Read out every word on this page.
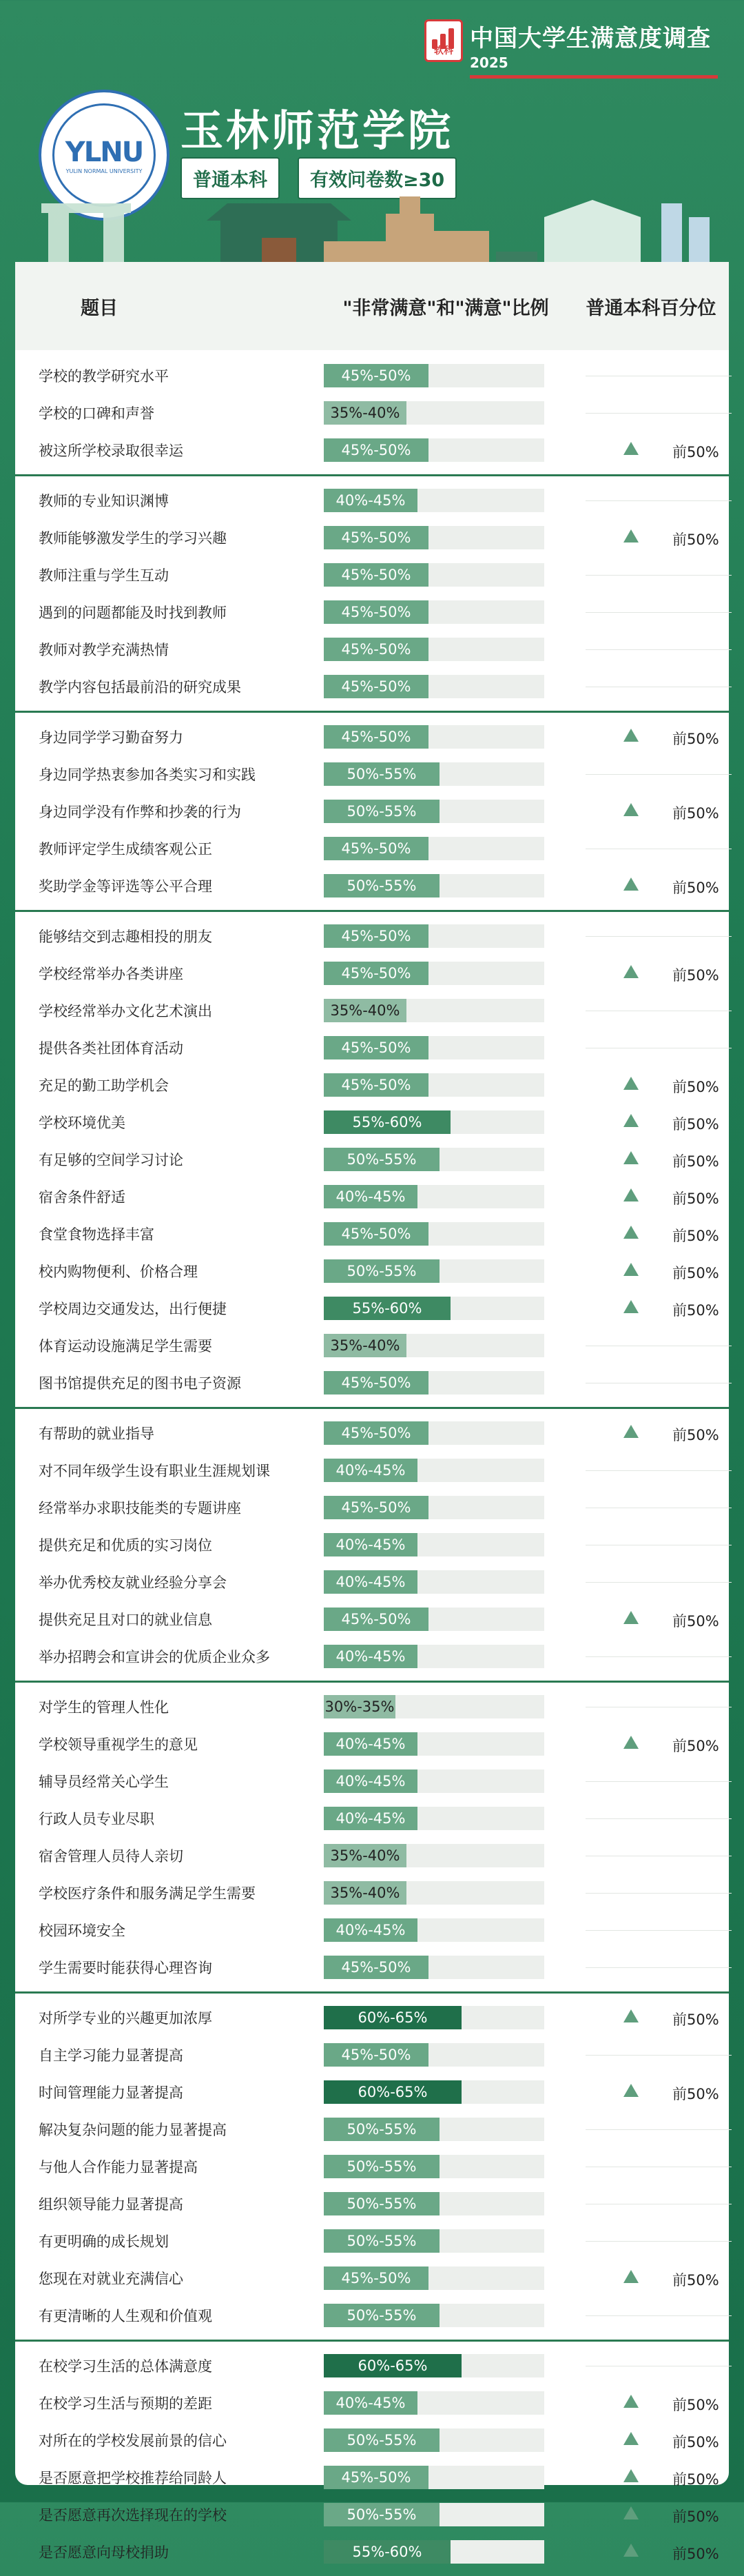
软科 中国大学生满意度调查
2025
YLNU
YULIN NORMAL UNIVERSITY
玉林师范学院
普通本科	有效问卷数≥30
题目	"非常满意"和"满意"比例	普通本科百分位
学校的教学研究水平	45%-50%
学校的口碑和声誉	35%-40%
被这所学校录取很幸运	45%-50%	前50%
教师的专业知识渊博	40%-45%
教师能够激发学生的学习兴趣	45%-50%	前50%
教师注重与学生互动	45%-50%
遇到的问题都能及时找到教师	45%-50%
教师对教学充满热情	45%-50%
教学内容包括最前沿的研究成果	45%-50%
身边同学学习勤奋努力	45%-50%	前50%
身边同学热衷参加各类实习和实践	50%-55%
身边同学没有作弊和抄袭的行为	50%-55%	前50%
教师评定学生成绩客观公正	45%-50%
奖助学金等评选等公平合理	50%-55%	前50%
能够结交到志趣相投的朋友	45%-50%
学校经常举办各类讲座	45%-50%	前50%
学校经常举办文化艺术演出	35%-40%
提供各类社团体育活动	45%-50%
充足的勤工助学机会	45%-50%	前50%
学校环境优美	55%-60%	前50%
有足够的空间学习讨论	50%-55%	前50%
宿舍条件舒适	40%-45%	前50%
食堂食物选择丰富	45%-50%	前50%
校内购物便利、价格合理	50%-55%	前50%
学校周边交通发达，出行便捷	55%-60%	前50%
体育运动设施满足学生需要	35%-40%
图书馆提供充足的图书电子资源	45%-50%
有帮助的就业指导	45%-50%	前50%
对不同年级学生设有职业生涯规划课	40%-45%
经常举办求职技能类的专题讲座	45%-50%
提供充足和优质的实习岗位	40%-45%
举办优秀校友就业经验分享会	40%-45%
提供充足且对口的就业信息	45%-50%	前50%
举办招聘会和宣讲会的优质企业众多	40%-45%
对学生的管理人性化	30%-35%
学校领导重视学生的意见	40%-45%	前50%
辅导员经常关心学生	40%-45%
行政人员专业尽职	40%-45%
宿舍管理人员待人亲切	35%-40%
学校医疗条件和服务满足学生需要	35%-40%
校园环境安全	40%-45%
学生需要时能获得心理咨询	45%-50%
对所学专业的兴趣更加浓厚	60%-65%	前50%
自主学习能力显著提高	45%-50%
时间管理能力显著提高	60%-65%	前50%
解决复杂问题的能力显著提高	50%-55%
与他人合作能力显著提高	50%-55%
组织领导能力显著提高	50%-55%
有更明确的成长规划	50%-55%
您现在对就业充满信心	45%-50%	前50%
有更清晰的人生观和价值观	50%-55%
在校学习生活的总体满意度	60%-65%
在校学习生活与预期的差距	40%-45%	前50%
对所在的学校发展前景的信心	50%-55%	前50%
是否愿意把学校推荐给同龄人	45%-50%	前50%
是否愿意再次选择现在的学校	50%-55%	前50%
是否愿意向母校捐助	55%-60%	前50%
